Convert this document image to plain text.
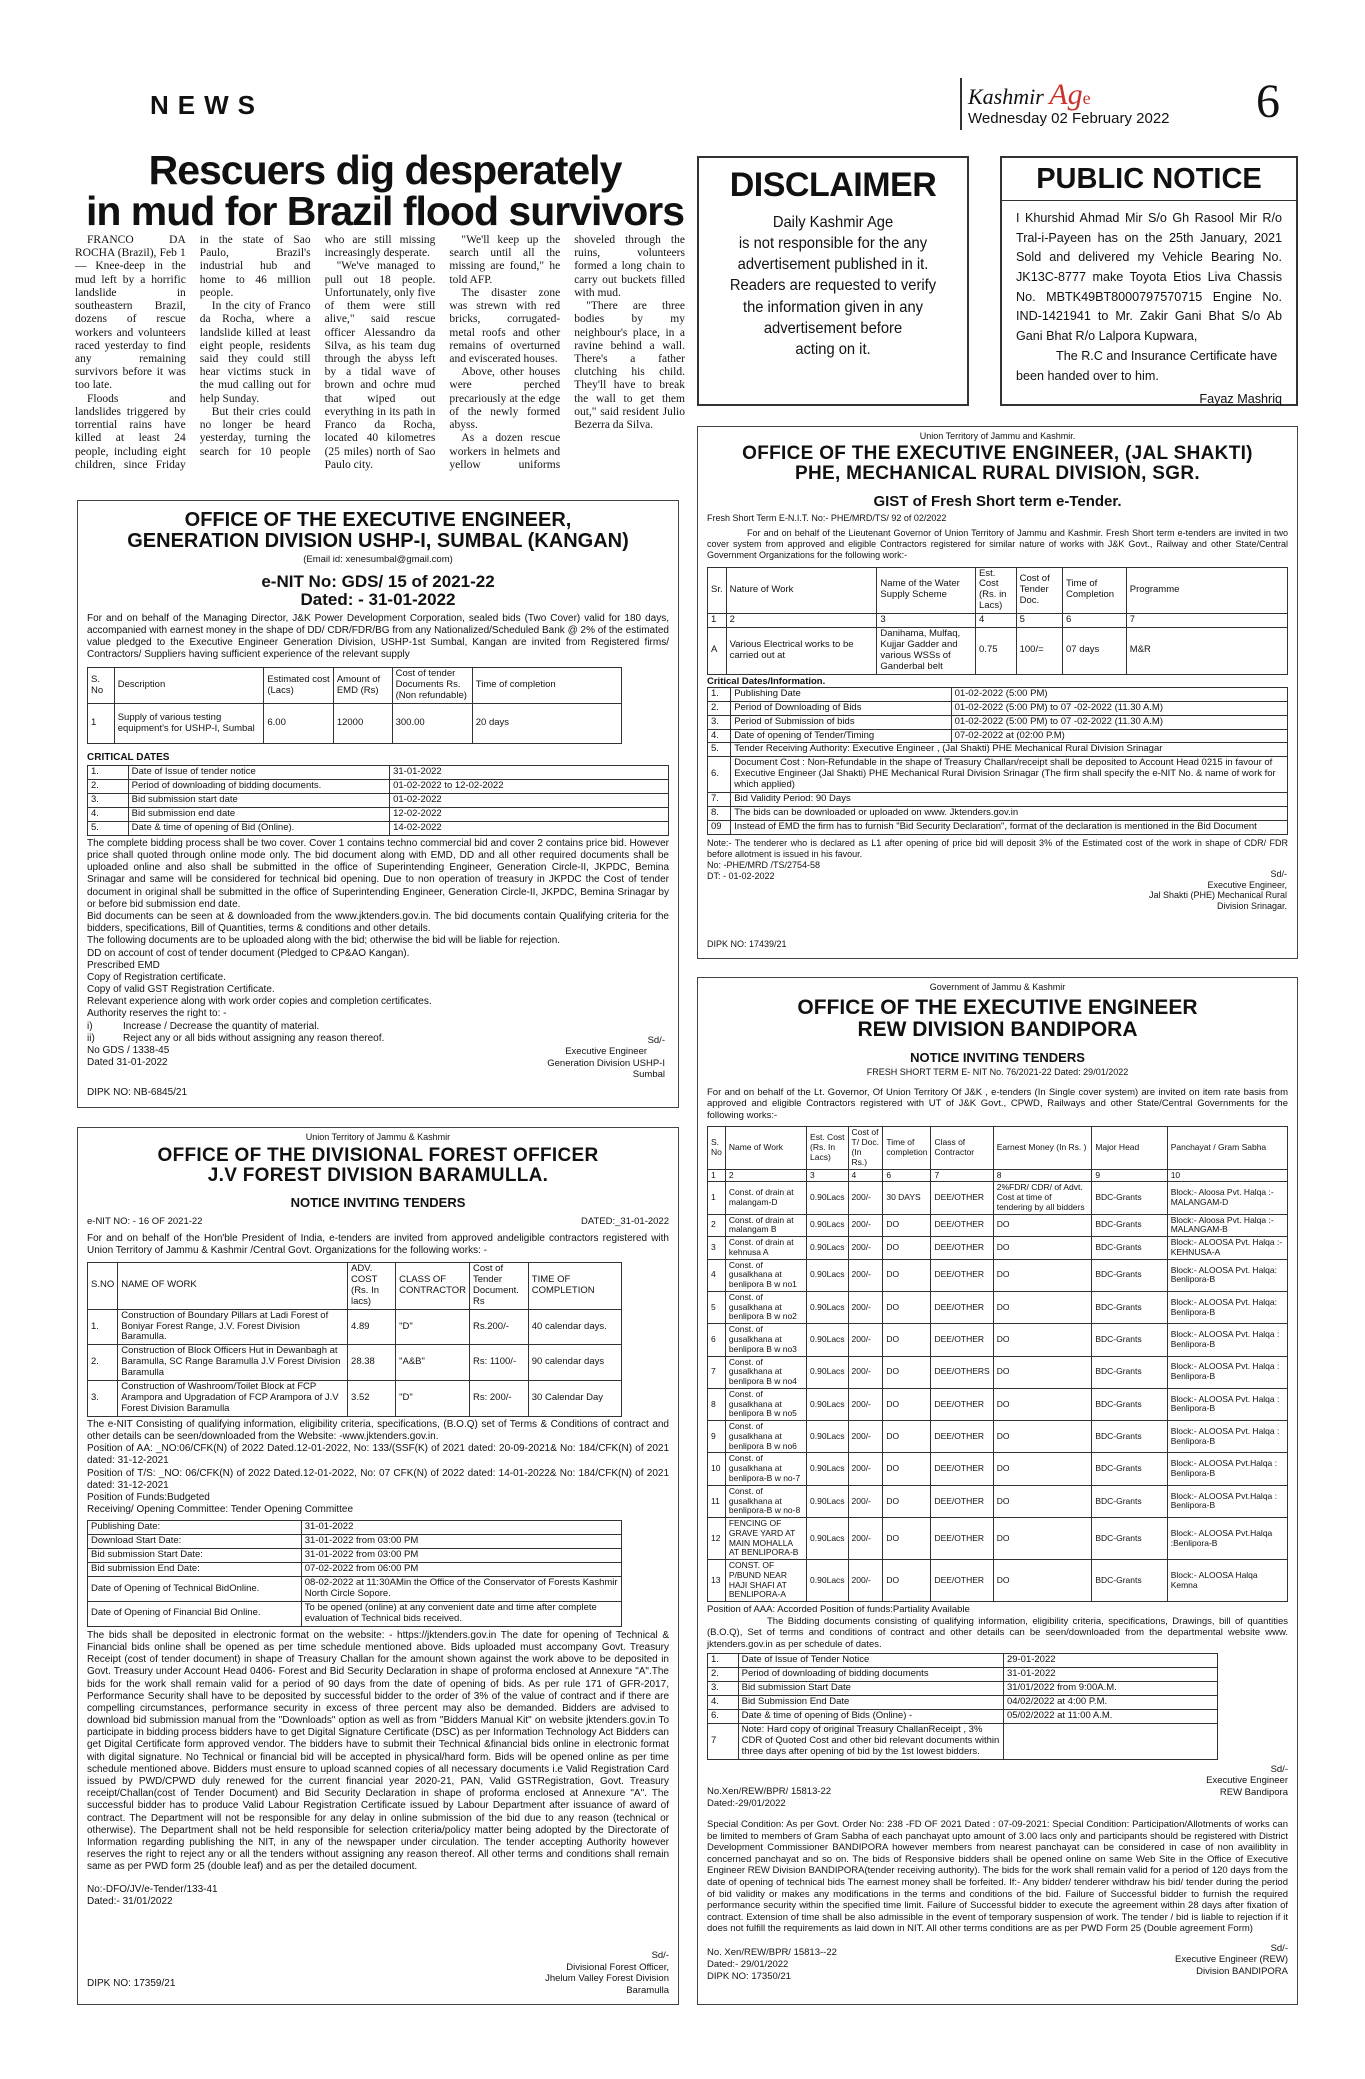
NEWS	Kashmir Age
Wednesday 02 February 2022 6
Rescuers dig desperately
in mud for Brazil flood survivors

FRANCO DA ROCHA (Brazil), Feb 1 — Knee-deep in the mud left by a horrific landslide in southeastern Brazil, dozens of rescue workers and volunteers raced yesterday to find any remaining survivors before it was too late.

Floods and landslides triggered by torrential rains have killed at least 24 people, including eight children, since Friday in the state of Sao Paulo, Brazil's industrial hub and home to 46 million people.

In the city of Franco da Rocha, where a landslide killed at least eight people, residents said they could still hear victims stuck in the mud calling out for help Sunday.

But their cries could no longer be heard yesterday, turning the search for 10 people who are still missing increasingly desperate.

"We've managed to pull out 18 people. Unfortunately, only five of them were still alive," said rescue officer Alessandro da Silva, as his team dug through the abyss left by a tidal wave of brown and ochre mud that wiped out everything in its path in Franco da Rocha, located 40 kilometres (25 miles) north of Sao Paulo city.

"We'll keep up the search until all the missing are found," he told AFP.

The disaster zone was strewn with red bricks, corrugated-metal roofs and other remains of overturned and eviscerated houses.

Above, other houses were perched precariously at the edge of the newly formed abyss.

As a dozen rescue workers in helmets and yellow uniforms shoveled through the ruins, volunteers formed a long chain to carry out buckets filled with mud.

"There are three bodies by my neighbour's place, in a ravine behind a wall. There's a father clutching his child. They'll have to break the wall to get them out," said resident Julio Bezerra da Silva.

DISCLAIMER
Daily Kashmir Age
is not responsible for the any
advertisement published in it.
Readers are requested to verify
the information given in any
advertisement before
acting on it.
PUBLIC NOTICE
I Khurshid Ahmad Mir S/o Gh Rasool Mir R/o Tral-i-Payeen has on the 25th January, 2021 Sold and delivered my Vehicle Bearing No. JK13C-8777 make Toyota Etios Liva Chassis No. MBTK49BT8000797570715 Engine No. IND-1421941 to Mr. Zakir Gani Bhat S/o Ab Gani Bhat R/o Lalpora Kupwara,
The R.C and Insurance Certificate have been handed over to him.
Fayaz Mashriq
OFFICE OF THE EXECUTIVE ENGINEER,
GENERATION DIVISION USHP-I, SUMBAL (KANGAN)
(Email id: xenesumbal@gmail.com)
e-NIT No: GDS/ 15 of 2021-22
Dated: - 31-01-2022
For and on behalf of the Managing Director, J&K Power Development Corporation, sealed bids (Two Cover) valid for 180 days, accompanied with earnest money in the shape of DD/ CDR/FDR/BG from any Nationalized/Scheduled Bank @ 2% of the estimated value pledged to the Executive Engineer Generation Division, USHP-1st Sumbal, Kangan are invited from Registered firms/ Contractors/ Suppliers having sufficient experience of the relevant supply
S. No	Description	Estimated cost (Lacs)	Amount of EMD (Rs)	Cost of tender Documents Rs. (Non refundable)	Time of completion
1	Supply of various testing equipment's for USHP-I, Sumbal	6.00	12000	300.00	20 days
CRITICAL DATES
1.	Date of Issue of tender notice	31-01-2022
2.	Period of downloading of bidding documents.	01-02-2022 to 12-02-2022
3.	Bid submission start date	01-02-2022
4.	Bid submission end date	12-02-2022
5.	Date & time of opening of Bid (Online).	14-02-2022
The complete bidding process shall be two cover. Cover 1 contains techno commercial bid and cover 2 contains price bid. However price shall quoted through online mode only. The bid document along with EMD, DD and all other required documents shall be uploaded online and also shall be submitted in the office of Superintending Engineer, Generation Circle-II, JKPDC, Bemina Srinagar and same will be considered for technical bid opening. Due to non operation of treasury in JKPDC the Cost of tender document in original shall be submitted in the office of Superintending Engineer, Generation Circle-II, JKPDC, Bemina Srinagar by or before bid submission end date.
Bid documents can be seen at & downloaded from the www.jktenders.gov.in. The bid documents contain Qualifying criteria for the bidders, specifications, Bill of Quantities, terms & conditions and other details.
The following documents are to be uploaded along with the bid; otherwise the bid will be liable for rejection.
DD on account of cost of tender document (Pledged to CP&AO Kangan).
Prescribed EMD
Copy of Registration certificate.
Copy of valid GST Registration Certificate.
Relevant experience along with work order copies and completion certificates.
Authority reserves the right to: -
i)	Increase / Decrease the quantity of material.
ii)	Reject any or all bids without assigning any reason thereof.
No GDS / 1338-45
Dated 31-01-2022
Sd/-
Executive Engineer
Generation Division USHP-I
Sumbal
DIPK NO: NB-6845/21
Union Territory of Jammu and Kashmir.
OFFICE OF THE EXECUTIVE ENGINEER, (JAL SHAKTI)
PHE, MECHANICAL RURAL DIVISION, SGR.
GIST of Fresh Short term e-Tender.
Fresh Short Term E-N.I.T. No:- PHE/MRD/TS/ 92 of 02/2022
For and on behalf of the Lieutenant Governor of Union Territory of Jammu and Kashmir. Fresh Short term e-tenders are invited in two cover system from approved and eligible Contractors registered for similar nature of works with J&K Govt., Railway and other State/Central Government Organizations for the following work:-
Sr.	Nature of Work	Name of the Water Supply Scheme	Est. Cost (Rs. in Lacs)	Cost of Tender Doc.	Time of Completion	Programme
1	2	3	4	5	6	7
A	Various Electrical works to be carried out at	Danihama, Mulfaq, Kujjar Gadder and various WSSs of Ganderbal belt	0.75	100/=	07 days	M&R
Critical Dates/Information.
1.	Publishing Date	01-02-2022 (5:00 PM)
2.	Period of Downloading of Bids	01-02-2022 (5:00 PM) to 07 -02-2022 (11.30 A.M)
3.	Period of Submission of bids	01-02-2022 (5:00 PM) to 07 -02-2022 (11.30 A.M)
4.	Date of opening of Tender/Timing	07-02-2022 at (02:00 P.M)
5.	Tender Receiving Authority: Executive Engineer , (Jal Shakti) PHE Mechanical Rural Division Srinagar	
6.	Document Cost : Non-Refundable in the shape of Treasury Challan/receipt shall be deposited to Account Head 0215 in favour of Executive Engineer (Jal Shakti) PHE Mechanical Rural Division Srinagar (The firm shall specify the e-NIT No. & name of work for which applied)	
7.	Bid Validity Period: 90 Days	
8.	The bids can be downloaded or uploaded on www. Jktenders.gov.in	
09	Instead of EMD the firm has to furnish "Bid Security Declaration", format of the declaration is mentioned in the Bid Document	
Note:- The tenderer who is declared as L1 after opening of price bid will deposit 3% of the Estimated cost of the work in shape of CDR/ FDR before allotment is issued in his favour.
No: -PHE/MRD /TS/2754-58
DT: - 01-02-2022	Sd/-
Executive Engineer,
Jal Shakti (PHE) Mechanical Rural
Division Srinagar.
DIPK NO: 17439/21
Union Territory of Jammu & Kashmir
OFFICE OF THE DIVISIONAL FOREST OFFICER
J.V FOREST DIVISION BARAMULLA.
NOTICE INVITING TENDERS
e-NIT NO: - 16 OF 2021-22	DATED:_31-01-2022
For and on behalf of the Hon'ble President of India, e-tenders are invited from approved andeligible contractors registered with Union Territory of Jammu & Kashmir /Central Govt. Organizations for the following works: -
S.NO	NAME OF WORK	ADV. COST (Rs. In lacs)	CLASS OF CONTRACTOR	Cost of Tender Document. Rs	TIME OF COMPLETION
1.	Construction of Boundary Pillars at Ladi Forest of Boniyar Forest Range, J.V. Forest Division Baramulla.	4.89	"D"	Rs.200/-	40 calendar days.
2.	Construction of Block Officers Hut in Dewanbagh at Baramulla, SC Range Baramulla J.V Forest Division Baramulla	28.38	"A&B"	Rs: 1100/-	90 calendar days
3.	Construction of Washroom/Toilet Block at FCP Arampora and Upgradation of FCP Arampora of J.V Forest Division Baramulla	3.52	"D"	Rs: 200/-	30 Calendar Day
The e-NIT Consisting of qualifying information, eligibility criteria, specifications, (B.O.Q) set of Terms & Conditions of contract and other details can be seen/downloaded from the Website: -www.jktenders.gov.in.
Position of AA: _NO:06/CFK(N) of 2022 Dated.12-01-2022, No: 133/(SSF(K) of 2021 dated: 20-09-2021& No: 184/CFK(N) of 2021 dated: 31-12-2021
Position of T/S: _NO: 06/CFK(N) of 2022 Dated.12-01-2022, No: 07 CFK(N) of 2022 dated: 14-01-2022& No: 184/CFK(N) of 2021 dated: 31-12-2021
Position of Funds:Budgeted
Receiving/ Opening Committee: Tender Opening Committee
Publishing Date:	31-01-2022
Download Start Date:	31-01-2022 from 03:00 PM
Bid submission Start Date:	31-01-2022 from 03:00 PM
Bid submission End Date:	07-02-2022 from 06:00 PM
Date of Opening of Technical BidOnline.	08-02-2022 at 11:30AMin the Office of the Conservator of Forests Kashmir North Circle Sopore.
Date of Opening of Financial Bid Online.	To be opened (online) at any convenient date and time after complete evaluation of Technical bids received.
The bids shall be deposited in electronic format on the website: - https://jktenders.gov.in The date for opening of Technical & Financial bids online shall be opened as per time schedule mentioned above. Bids uploaded must accompany Govt. Treasury Receipt (cost of tender document) in shape of Treasury Challan for the amount shown against the work above to be deposited in Govt. Treasury under Account Head 0406- Forest and Bid Security Declaration in shape of proforma enclosed at Annexure "A".The bids for the work shall remain valid for a period of 90 days from the date of opening of bids. As per rule 171 of GFR-2017, Performance Security shall have to be deposited by successful bidder to the order of 3% of the value of contract and if there are compelling circumstances, performance security in excess of three percent may also be demanded. Bidders are advised to download bid submission manual from the "Downloads" option as well as from "Bidders Manual Kit" on website jktenders.gov.in To participate in bidding process bidders have to get Digital Signature Certificate (DSC) as per Information Technology Act Bidders can get Digital Certificate form approved vendor. The bidders have to submit their Technical &financial bids online in electronic format with digital signature. No Technical or financial bid will be accepted in physical/hard form. Bids will be opened online as per time schedule mentioned above. Bidders must ensure to upload scanned copies of all necessary documents i.e Valid Registration Card issued by PWD/CPWD duly renewed for the current financial year 2020-21, PAN, Valid GSTRegistration, Govt. Treasury receipt/Challan(cost of Tender Document) and Bid Security Declaration in shape of proforma enclosed at Annexure "A". The successful bidder has to produce Valid Labour Registration Certificate issued by Labour Department after issuance of award of contract. The Department will not be responsible for any delay in online submission of the bid due to any reason (technical or otherwise). The Department shall not be held responsible for selection criteria/policy matter being adopted by the Directorate of Information regarding publishing the NIT, in any of the newspaper under circulation. The tender accepting Authority however reserves the right to reject any or all the tenders without assigning any reason thereof. All other terms and conditions shall remain same as per PWD form 25 (double leaf) and as per the detailed document.
No:-DFO/JV/e-Tender/133-41
Dated:- 31/01/2022
Sd/-
Divisional Forest Officer,
Jhelum Valley Forest Division
Baramulla
DIPK NO: 17359/21
Government of Jammu & Kashmir
OFFICE OF THE EXECUTIVE ENGINEER
REW DIVISION BANDIPORA
NOTICE INVITING TENDERS
FRESH SHORT TERM E- NIT No. 76/2021-22 Dated: 29/01/2022
For and on behalf of the Lt. Governor, Of Union Territory Of J&K , e-tenders (In Single cover system) are invited on item rate basis from approved and eligible Contractors registered with UT of J&K Govt., CPWD, Railways and other State/Central Governments for the following works:-
S. No	Name of Work	Est. Cost (Rs. In Lacs)	Cost of T/ Doc. (In Rs.)	Time of completion	Class of Contractor	Earnest Money (In Rs. )	Major Head	Panchayat / Gram Sabha
1	2	3	4	6	7	8	9	10
1	Const. of drain at malangam-D	0.90Lacs	200/-	30 DAYS	DEE/OTHER	2%FDR/ CDR/ of Advt. Cost at time of tendering by all bidders	BDC-Grants	Block:- Aloosa Pvt. Halqa :-MALANGAM-D
2	Const. of drain at malangam B	0.90Lacs	200/-	DO	DEE/OTHER	DO	BDC-Grants	Block:- Aloosa Pvt. Halqa :-MALANGAM-B
3	Const. of drain at kehnusa A	0.90Lacs	200/-	DO	DEE/OTHER	DO	BDC-Grants	Block:- ALOOSA Pvt. Halqa :-KEHNUSA-A
4	Const. of gusalkhana at benlipora B w no1	0.90Lacs	200/-	DO	DEE/OTHER	DO	BDC-Grants	Block:- ALOOSA Pvt. Halqa: Benlipora-B
5	Const. of gusalkhana at benlipora B w no2	0.90Lacs	200/-	DO	DEE/OTHER	DO	BDC-Grants	Block:- ALOOSA Pvt. Halqa: Benlipora-B
6	Const. of gusalkhana at benlipora B w no3	0.90Lacs	200/-	DO	DEE/OTHER	DO	BDC-Grants	Block:- ALOOSA Pvt. Halqa : Benlipora-B
7	Const. of gusalkhana at benlipora B w no4	0.90Lacs	200/-	DO	DEE/OTHERS	DO	BDC-Grants	Block:- ALOOSA Pvt. Halqa : Benlipora-B
8	Const. of gusalkhana at benlipora B w no5	0.90Lacs	200/-	DO	DEE/OTHER	DO	BDC-Grants	Block:- ALOOSA Pvt. Halqa : Benlipora-B
9	Const. of gusalkhana at benlipora B w no6	0.90Lacs	200/-	DO	DEE/OTHER	DO	BDC-Grants	Block:- ALOOSA Pvt. Halqa : Benlipora-B
10	Const. of gusalkhana at benlipora-B w no-7	0.90Lacs	200/-	DO	DEE/OTHER	DO	BDC-Grants	Block:- ALOOSA Pvt.Halqa : Benlipora-B
11	Const. of gusalkhana at benlipora-B w no-8	0.90Lacs	200/-	DO	DEE/OTHER	DO	BDC-Grants	Block:- ALOOSA Pvt.Halqa : Benlipora-B
12	FENCING OF GRAVE YARD AT MAIN MOHALLA AT BENLIPORA-B	0.90Lacs	200/-	DO	DEE/OTHER	DO	BDC-Grants	Block:- ALOOSA Pvt.Halqa :Benlipora-B
13	CONST. OF P/BUND NEAR HAJI SHAFI AT BENLIPORA-A	0.90Lacs	200/-	DO	DEE/OTHER	DO	BDC-Grants	Block:- ALOOSA Halqa Kemna
Position of AAA: Accorded Position of funds:Partiality Available
The Bidding documents consisting of qualifying information, eligibility criteria, specifications, Drawings, bill of quantities (B.O.Q), Set of terms and conditions of contract and other details can be seen/downloaded from the departmental website www. jktenders.gov.in as per schedule of dates.
1.	Date of Issue of Tender Notice	29-01-2022
2.	Period of downloading of bidding documents	31-01-2022
3.	Bid submission Start Date	31/01/2022 from 9:00A.M.
4.	Bid Submission End Date	04/02/2022 at 4:00 P.M.
6.	Date & time of opening of Bids (Online) -	05/02/2022 at 11:00 A.M.
7	Note: Hard copy of original Treasury ChallanReceipt , 3% CDR of Quoted Cost and other bid relevant documents within three days after opening of bid by the 1st lowest bidders.	
Sd/-
Executive Engineer
REW Bandipora
No.Xen/REW/BPR/ 15813-22
Dated:-29/01/2022
Special Condition: As per Govt. Order No: 238 -FD OF 2021 Dated : 07-09-2021: Special Condition: Participation/Allotments of works can be limited to members of Gram Sabha of each panchayat upto amount of 3.00 lacs only and participants should be registered with District Development Commissioner BANDIPORA however members from nearest panchayat can be considered in case of non availiblity in concerned panchayat and so on. The bids of Responsive bidders shall be opened online on same Web Site in the Office of Executive Engineer REW Division BANDIPORA(tender receiving authority). The bids for the work shall remain valid for a period of 120 days from the date of opening of technical bids The earnest money shall be forfeited. If:- Any bidder/ tenderer withdraw his bid/ tender during the period of bid validity or makes any modifications in the terms and conditions of the bid. Failure of Successful bidder to furnish the required performance security within the specified time limit. Failure of Successful bidder to execute the agreement within 28 days after fixation of contract. Extension of time shall be also admissible in the event of temporary suspension of work. The tender / bid is liable to rejection if it does not fulfill the requirements as laid down in NIT. All other terms conditions are as per PWD Form 25 (Double agreement Form)
No. Xen/REW/BPR/ 15813--22
Dated:- 29/01/2022
DIPK NO: 17350/21
Sd/-
Executive Engineer (REW)
Division BANDIPORA
